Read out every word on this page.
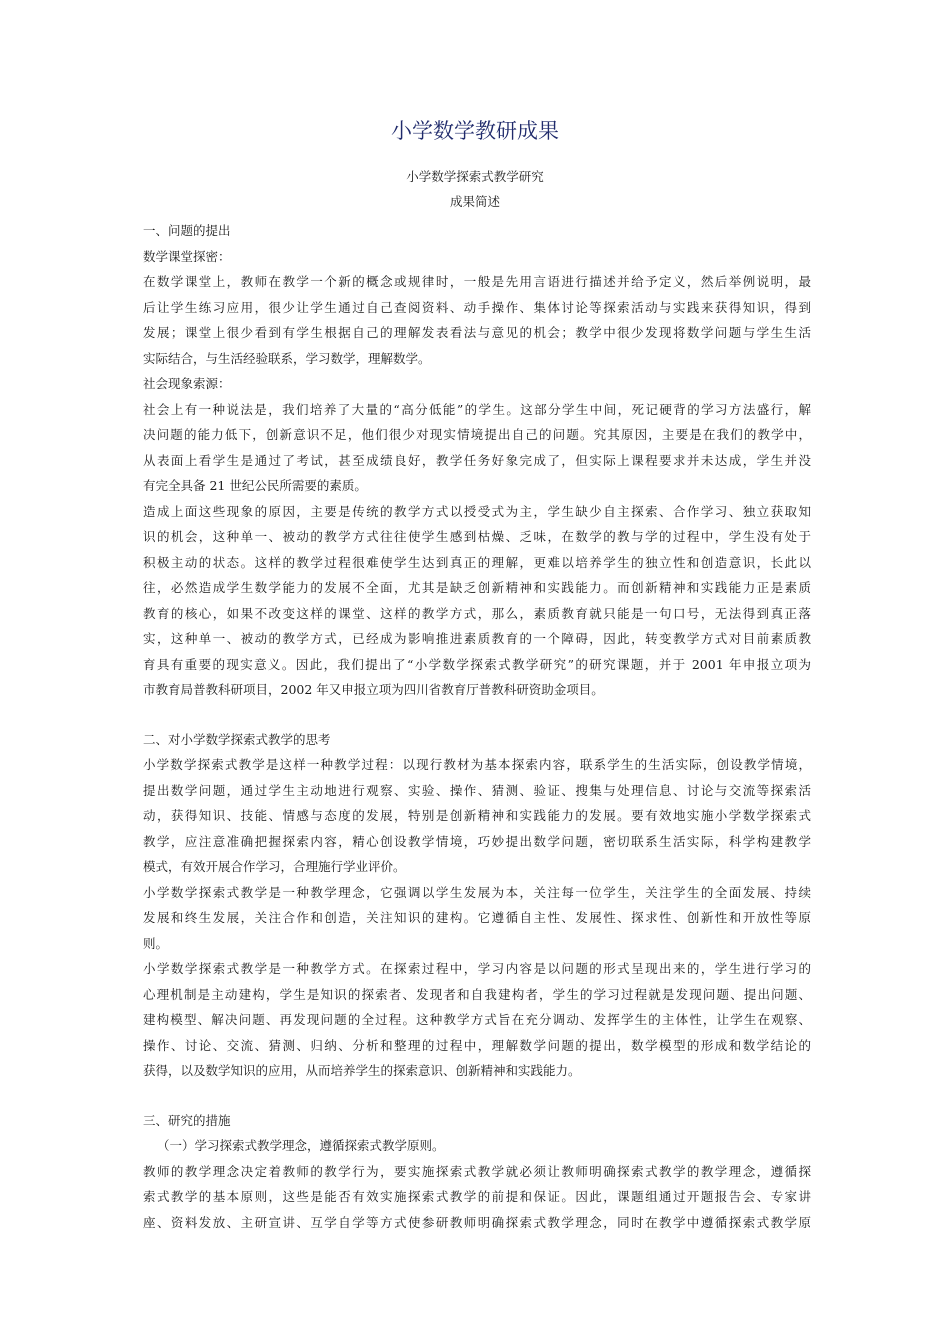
小学数学教研成果
小学数学探索式教学研究
成果简述
一、问题的提出
数学课堂探密：
在数学课堂上，教师在教学一个新的概念或规律时，一般是先用言语进行描述并给予定义，然后举例说明，最
后让学生练习应用，很少让学生通过自己查阅资料、动手操作、集体讨论等探索活动与实践来获得知识，得到
发展；课堂上很少看到有学生根据自己的理解发表看法与意见的机会；教学中很少发现将数学问题与学生生活
实际结合，与生活经验联系，学习数学，理解数学。
社会现象索源：
社会上有一种说法是，我们培养了大量的“高分低能”的学生。这部分学生中间，死记硬背的学习方法盛行，解
决问题的能力低下，创新意识不足，他们很少对现实情境提出自己的问题。究其原因，主要是在我们的教学中，
从表面上看学生是通过了考试，甚至成绩良好，教学任务好象完成了，但实际上课程要求并未达成，学生并没
有完全具备 21 世纪公民所需要的素质。
造成上面这些现象的原因，主要是传统的教学方式以授受式为主，学生缺少自主探索、合作学习、独立获取知
识的机会，这种单一、被动的教学方式往往使学生感到枯燥、乏味，在数学的教与学的过程中，学生没有处于
积极主动的状态。这样的教学过程很难使学生达到真正的理解，更难以培养学生的独立性和创造意识，长此以
往，必然造成学生数学能力的发展不全面，尤其是缺乏创新精神和实践能力。而创新精神和实践能力正是素质
教育的核心，如果不改变这样的课堂、这样的教学方式，那么，素质教育就只能是一句口号，无法得到真正落
实，这种单一、被动的教学方式，已经成为影响推进素质教育的一个障碍，因此，转变教学方式对目前素质教
育具有重要的现实意义。因此，我们提出了“小学数学探索式教学研究”的研究课题，并于 2001 年申报立项为
市教育局普教科研项目，2002 年又申报立项为四川省教育厅普教科研资助金项目。
二、对小学数学探索式教学的思考
小学数学探索式教学是这样一种教学过程：以现行教材为基本探索内容，联系学生的生活实际，创设教学情境，
提出数学问题，通过学生主动地进行观察、实验、操作、猜测、验证、搜集与处理信息、讨论与交流等探索活
动，获得知识、技能、情感与态度的发展，特别是创新精神和实践能力的发展。要有效地实施小学数学探索式
教学，应注意准确把握探索内容，精心创设教学情境，巧妙提出数学问题，密切联系生活实际，科学构建教学
模式，有效开展合作学习，合理施行学业评价。
小学数学探索式教学是一种教学理念，它强调以学生发展为本，关注每一位学生，关注学生的全面发展、持续
发展和终生发展，关注合作和创造，关注知识的建构。它遵循自主性、发展性、探求性、创新性和开放性等原
则。
小学数学探索式教学是一种教学方式。在探索过程中，学习内容是以问题的形式呈现出来的，学生进行学习的
心理机制是主动建构，学生是知识的探索者、发现者和自我建构者，学生的学习过程就是发现问题、提出问题、
建构模型、解决问题、再发现问题的全过程。这种教学方式旨在充分调动、发挥学生的主体性，让学生在观察、
操作、讨论、交流、猜测、归纳、分析和整理的过程中，理解数学问题的提出，数学模型的形成和数学结论的
获得，以及数学知识的应用，从而培养学生的探索意识、创新精神和实践能力。
三、研究的措施
（一）学习探索式教学理念，遵循探索式教学原则。
教师的教学理念决定着教师的教学行为，要实施探索式教学就必须让教师明确探索式教学的教学理念，遵循探
索式教学的基本原则，这些是能否有效实施探索式教学的前提和保证。因此，课题组通过开题报告会、专家讲
座、资料发放、主研宣讲、互学自学等方式使参研教师明确探索式教学理念，同时在教学中遵循探索式教学原
